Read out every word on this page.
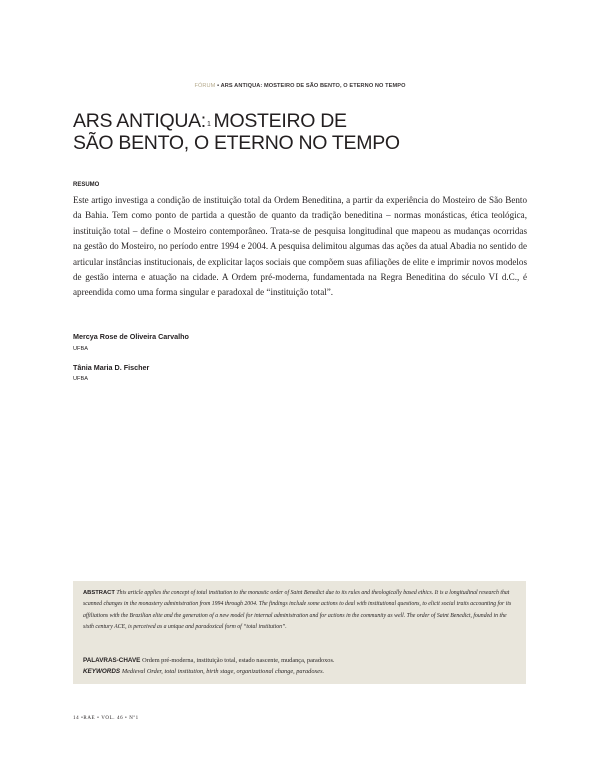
FÓRUM • ARS ANTIQUA: MOSTEIRO DE SÃO BENTO, O ETERNO NO TEMPO
ARS ANTIQUA:$^1$ MOSTEIRO DE
SÃO BENTO, O ETERNO NO TEMPO
RESUMO
Este artigo investiga a condição de instituição total da Ordem Beneditina, a partir da experiência do Mosteiro de São Bento da Bahia. Tem como ponto de partida a questão de quanto da tradição beneditina – normas monásticas, ética teológica, instituição total – define o Mosteiro contemporâneo. Trata-se de pesquisa longitudinal que mapeou as mudanças ocorridas na gestão do Mosteiro, no período entre 1994 e 2004. A pesquisa delimitou algumas das ações da atual Abadia no sentido de articular instâncias institucionais, de explicitar laços sociais que compõem suas afiliações de elite e imprimir novos modelos de gestão interna e atuação na cidade. A Ordem pré-moderna, fundamentada na Regra Beneditina do século VI d.C., é apreendida como uma forma singular e paradoxal de “instituição total”.
Mercya Rose de Oliveira Carvalho
UFBA
Tânia Maria D. Fischer
UFBA
ABSTRACT This article applies the concept of total institution to the monastic order of Saint Benedict due to its rules and theologically based ethics. It is a longitudinal research that scanned changes in the monastery administration from 1994 through 2004. The findings include some actions to deal with institutional questions, to elicit social traits accounting for its affiliations with the Brazilian elite and the generation of a new model for internal administration and for actions in the community as well. The order of Saint Benedict, founded in the sixth century ACE, is perceived as a unique and paradoxical form of “total institution”.
PALAVRAS-CHAVE Ordem pré-moderna, instituição total, estado nascente, mudança, paradoxos.
KEYWORDS Medieval Order, total institution, birth stage, organizational change, paradoxes.
14 •RAE • VOL. 46 • Nº1
